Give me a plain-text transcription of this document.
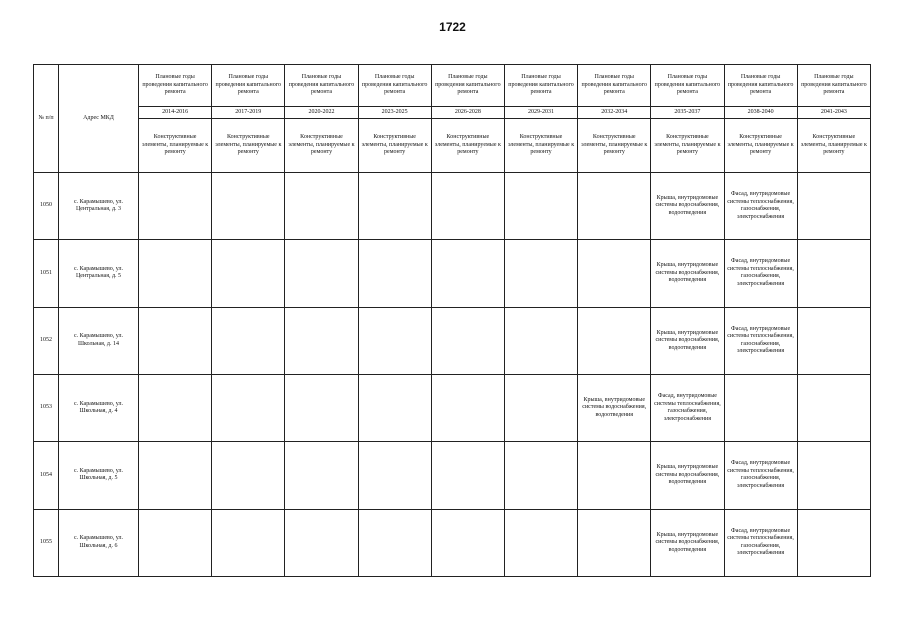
1722
№ п/п	Адрес МКД	Плановые годы проведения капитального ремонта	Плановые годы проведения капитального ремонта	Плановые годы проведения капитального ремонта	Плановые годы проведения капитального ремонта	Плановые годы проведения капитального ремонта	Плановые годы проведения капитального ремонта	Плановые годы проведения капитального ремонта	Плановые годы проведения капитального ремонта	Плановые годы проведения капитального ремонта	Плановые годы проведения капитального ремонта
		2014-2016	2017-2019	2020-2022	2023-2025	2026-2028	2029-2031	2032-2034	2035-2037	2038-2040	2041-2043
		Конструктивные элементы, планируемые к ремонту	Конструктивные элементы, планируемые к ремонту	Конструктивные элементы, планируемые к ремонту	Конструктивные элементы, планируемые к ремонту	Конструктивные элементы, планируемые к ремонту	Конструктивные элементы, планируемые к ремонту	Конструктивные элементы, планируемые к ремонту	Конструктивные элементы, планируемые к ремонту	Конструктивные элементы, планируемые к ремонту	Конструктивные элементы, планируемые к ремонту
1050	с. Карамышево, ул. Центральная, д. 3								Крыша, внутридомовые системы водоснабжения, водоотведения	Фасад, внутридомовые системы теплоснабжения, газоснабжения, электроснабжения	
1051	с. Карамышево, ул. Центральная, д. 5								Крыша, внутридомовые системы водоснабжения, водоотведения	Фасад, внутридомовые системы теплоснабжения, газоснабжения, электроснабжения	
1052	с. Карамышево, ул. Школьная, д. 14								Крыша, внутридомовые системы водоснабжения, водоотведения	Фасад, внутридомовые системы теплоснабжения, газоснабжения, электроснабжения	
1053	с. Карамышево, ул. Школьная, д. 4							Крыша, внутридомовые системы водоснабжения, водоотведения	Фасад, внутридомовые системы теплоснабжения, газоснабжения, электроснабжения		
1054	с. Карамышево, ул. Школьная, д. 5								Крыша, внутридомовые системы водоснабжения, водоотведения	Фасад, внутридомовые системы теплоснабжения, газоснабжения, электроснабжения	
1055	с. Карамышево, ул. Школьная, д. 6								Крыша, внутридомовые системы водоснабжения, водоотведения	Фасад, внутридомовые системы теплоснабжения, газоснабжения, электроснабжения	
